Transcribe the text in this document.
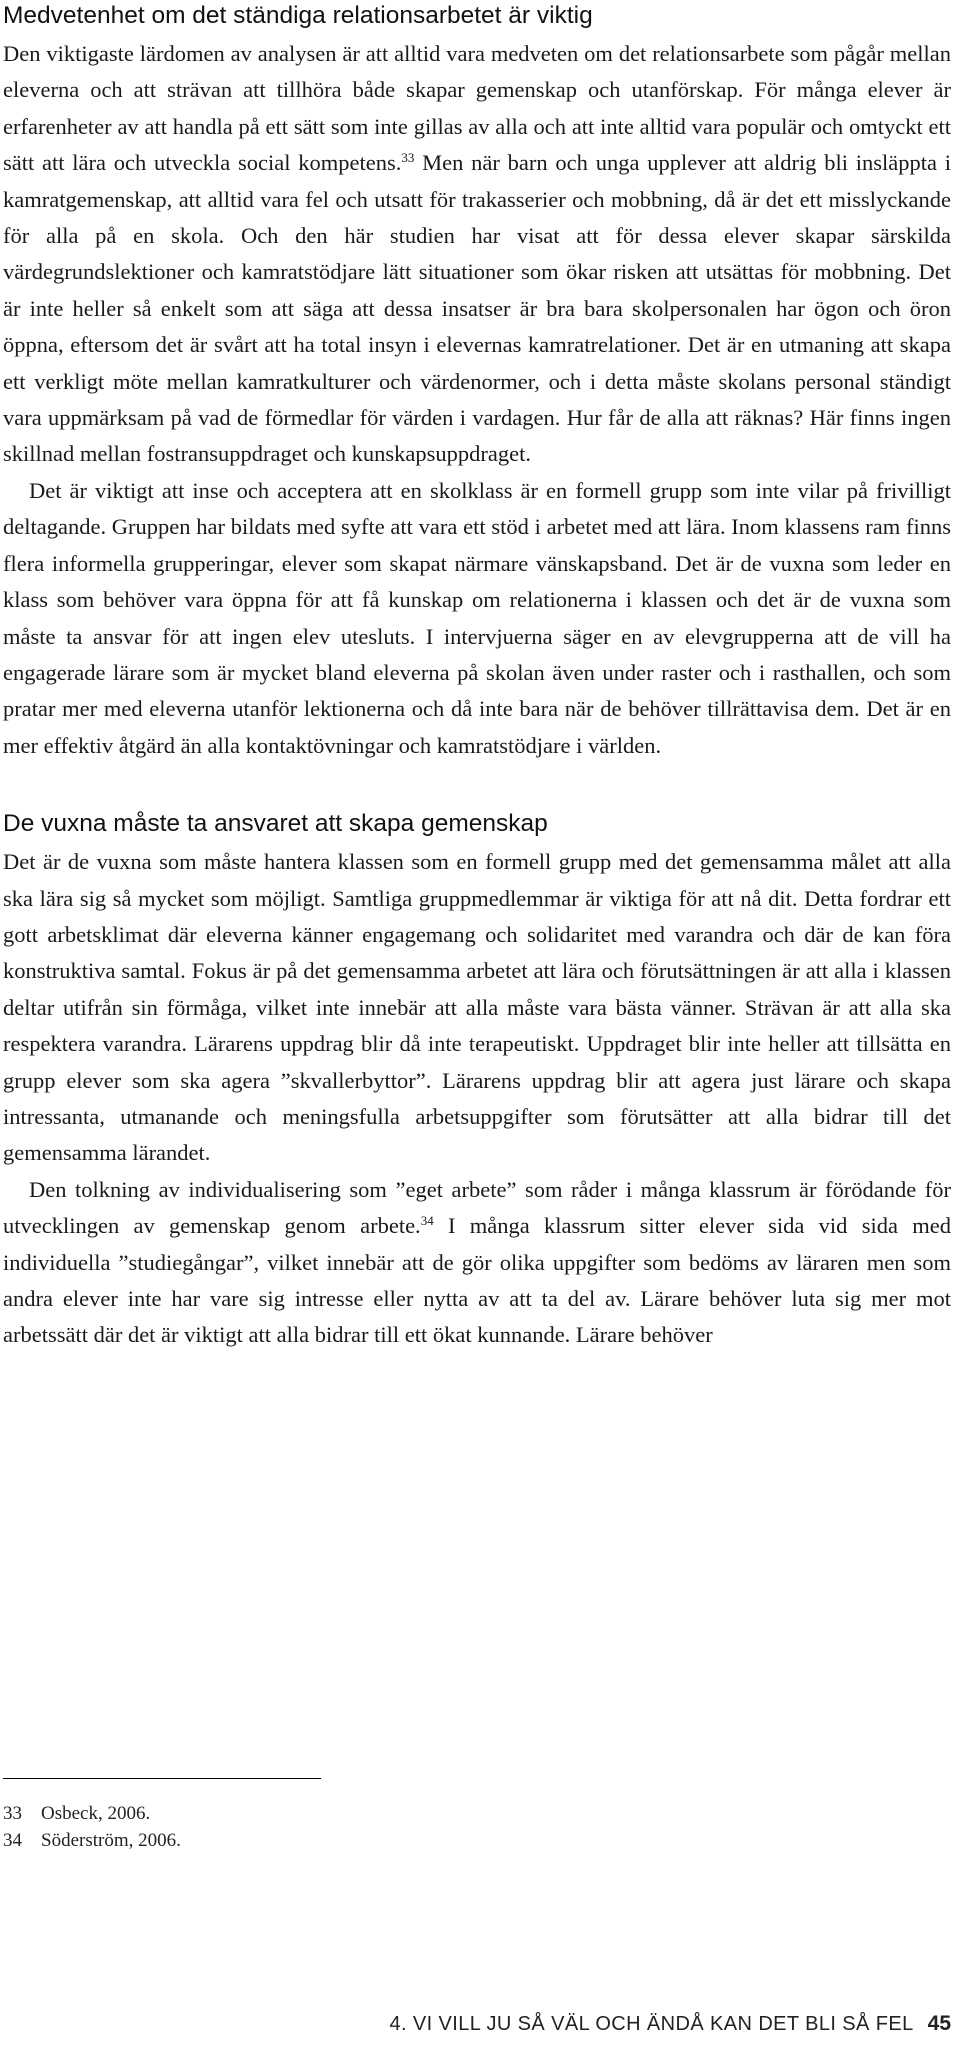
Medvetenhet om det ständiga relationsarbetet är viktig

Den viktigaste lärdomen av analysen är att alltid vara medveten om det relationsarbete som pågår mellan eleverna och att strävan att tillhöra både skapar gemenskap och utanförskap. För många elever är erfarenheter av att handla på ett sätt som inte gillas av alla och att inte alltid vara populär och omtyckt ett sätt att lära och utveckla social kompetens.$^{33}$ Men när barn och unga upplever att aldrig bli insläppta i kamratgemenskap, att alltid vara fel och utsatt för trakasserier och mobbning, då är det ett misslyckande för alla på en skola. Och den här studien har visat att för dessa elever skapar särskilda värdegrundslektioner och kamratstödjare lätt situationer som ökar risken att utsättas för mobbning. Det är inte heller så enkelt som att säga att dessa insatser är bra bara skolpersonalen har ögon och öron öppna, eftersom det är svårt att ha total insyn i elevernas kamratrelationer. Det är en utmaning att skapa ett verkligt möte mellan kamratkulturer och värdenormer, och i detta måste skolans personal ständigt vara uppmärksam på vad de förmedlar för värden i vardagen. Hur får de alla att räknas? Här finns ingen skillnad mellan fostransuppdraget och kunskapsuppdraget.

Det är viktigt att inse och acceptera att en skolklass är en formell grupp som inte vilar på frivilligt deltagande. Gruppen har bildats med syfte att vara ett stöd i arbetet med att lära. Inom klassens ram finns flera informella grupperingar, elever som skapat närmare vänskapsband. Det är de vuxna som leder en klass som behöver vara öppna för att få kunskap om relationerna i klassen och det är de vuxna som måste ta ansvar för att ingen elev utesluts. I intervjuerna säger en av elevgrupperna att de vill ha engagerade lärare som är mycket bland eleverna på skolan även under raster och i rasthallen, och som pratar mer med eleverna utanför lektionerna och då inte bara när de behöver tillrättavisa dem. Det är en mer effektiv åtgärd än alla kontaktövningar och kamratstödjare i världen.

De vuxna måste ta ansvaret att skapa gemenskap

Det är de vuxna som måste hantera klassen som en formell grupp med det gemensamma målet att alla ska lära sig så mycket som möjligt. Samtliga gruppmedlemmar är viktiga för att nå dit. Detta fordrar ett gott arbetsklimat där eleverna känner engagemang och solidaritet med varandra och där de kan föra konstruktiva samtal. Fokus är på det gemensamma arbetet att lära och förutsättningen är att alla i klassen deltar utifrån sin förmåga, vilket inte innebär att alla måste vara bästa vänner. Strävan är att alla ska respektera varandra. Lärarens uppdrag blir då inte terapeutiskt. Uppdraget blir inte heller att tillsätta en grupp elever som ska agera ”skvallerbyttor”. Lärarens uppdrag blir att agera just lärare och skapa intressanta, utmanande och meningsfulla arbetsuppgifter som förutsätter att alla bidrar till det gemensamma lärandet.

Den tolkning av individualisering som ”eget arbete” som råder i många klassrum är förödande för utvecklingen av gemenskap genom arbete.$^{34}$ I många klassrum sitter elever sida vid sida med individuella ”studiegångar”, vilket innebär att de gör olika uppgifter som bedöms av läraren men som andra elever inte har vare sig intresse eller nytta av att ta del av. Lärare behöver luta sig mer mot arbetssätt där det är viktigt att alla bidrar till ett ökat kunnande. Lärare behöver

33 Osbeck, 2006.
34 Söderström, 2006.
4. VI VILL JU SÅ VÄL OCH ÄNDÅ KAN DET BLI SÅ FEL 45
